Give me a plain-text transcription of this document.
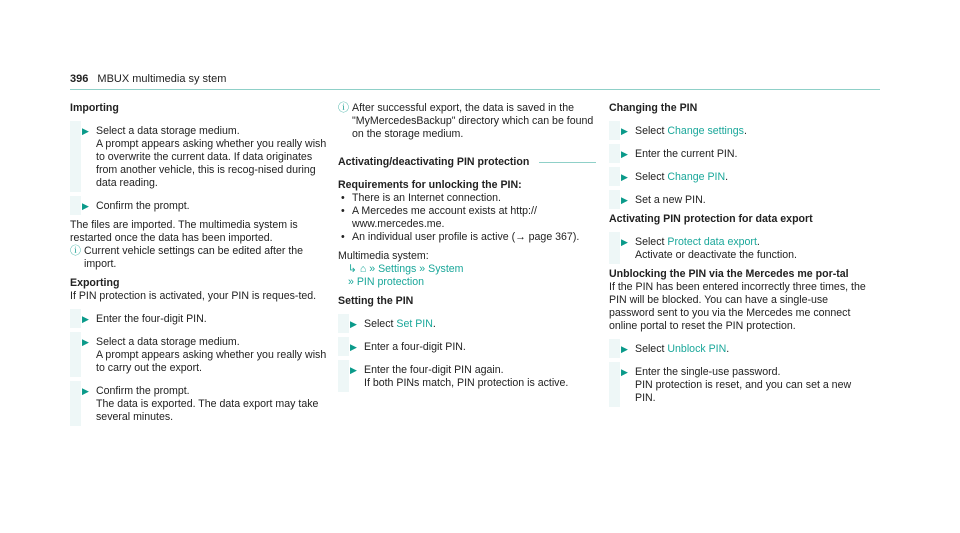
396 MBUX multimedia sy stem

Importing

▶ Select a data storage medium.

A prompt appears asking whether you really wish to overwrite the current data. If data originates from another vehicle, this is recog-nised during data reading.

▶ Confirm the prompt.

The files are imported. The multimedia system is restarted once the data has been imported.

ⓘ Current vehicle settings can be edited after the import.

Exporting

If PIN protection is activated, your PIN is reques-ted.

▶ Enter the four-digit PIN.

▶ Select a data storage medium.

A prompt appears asking whether you really wish to carry out the export.

▶ Confirm the prompt.

The data is exported. The data export may take several minutes.

ⓘ After successful export, the data is saved in the "MyMercedesBackup" directory which can be found on the storage medium.

Activating/deactivating PIN protection

Requirements for unlocking the PIN:

• There is an Internet connection.
• A Mercedes me account exists at http:// www.mercedes.me.
• An individual user profile is active (→ page 367).

Multimedia system:

↳ ⌂ » Settings » System

» PIN protection

Setting the PIN

▶ Select Set PIN.

▶ Enter a four-digit PIN.

▶ Enter the four-digit PIN again.

If both PINs match, PIN protection is active.

Changing the PIN

▶ Select Change settings.

▶ Enter the current PIN.

▶ Select Change PIN.

▶ Set a new PIN.

Activating PIN protection for data export

▶ Select Protect data export.

Activate or deactivate the function.

Unblocking the PIN via the Mercedes me por-tal

If the PIN has been entered incorrectly three times, the PIN will be blocked. You can have a single-use password sent to you via the Mercedes me connect online portal to reset the PIN protection.

▶ Select Unblock PIN.

▶ Enter the single-use password.

PIN protection is reset, and you can set a new PIN.
